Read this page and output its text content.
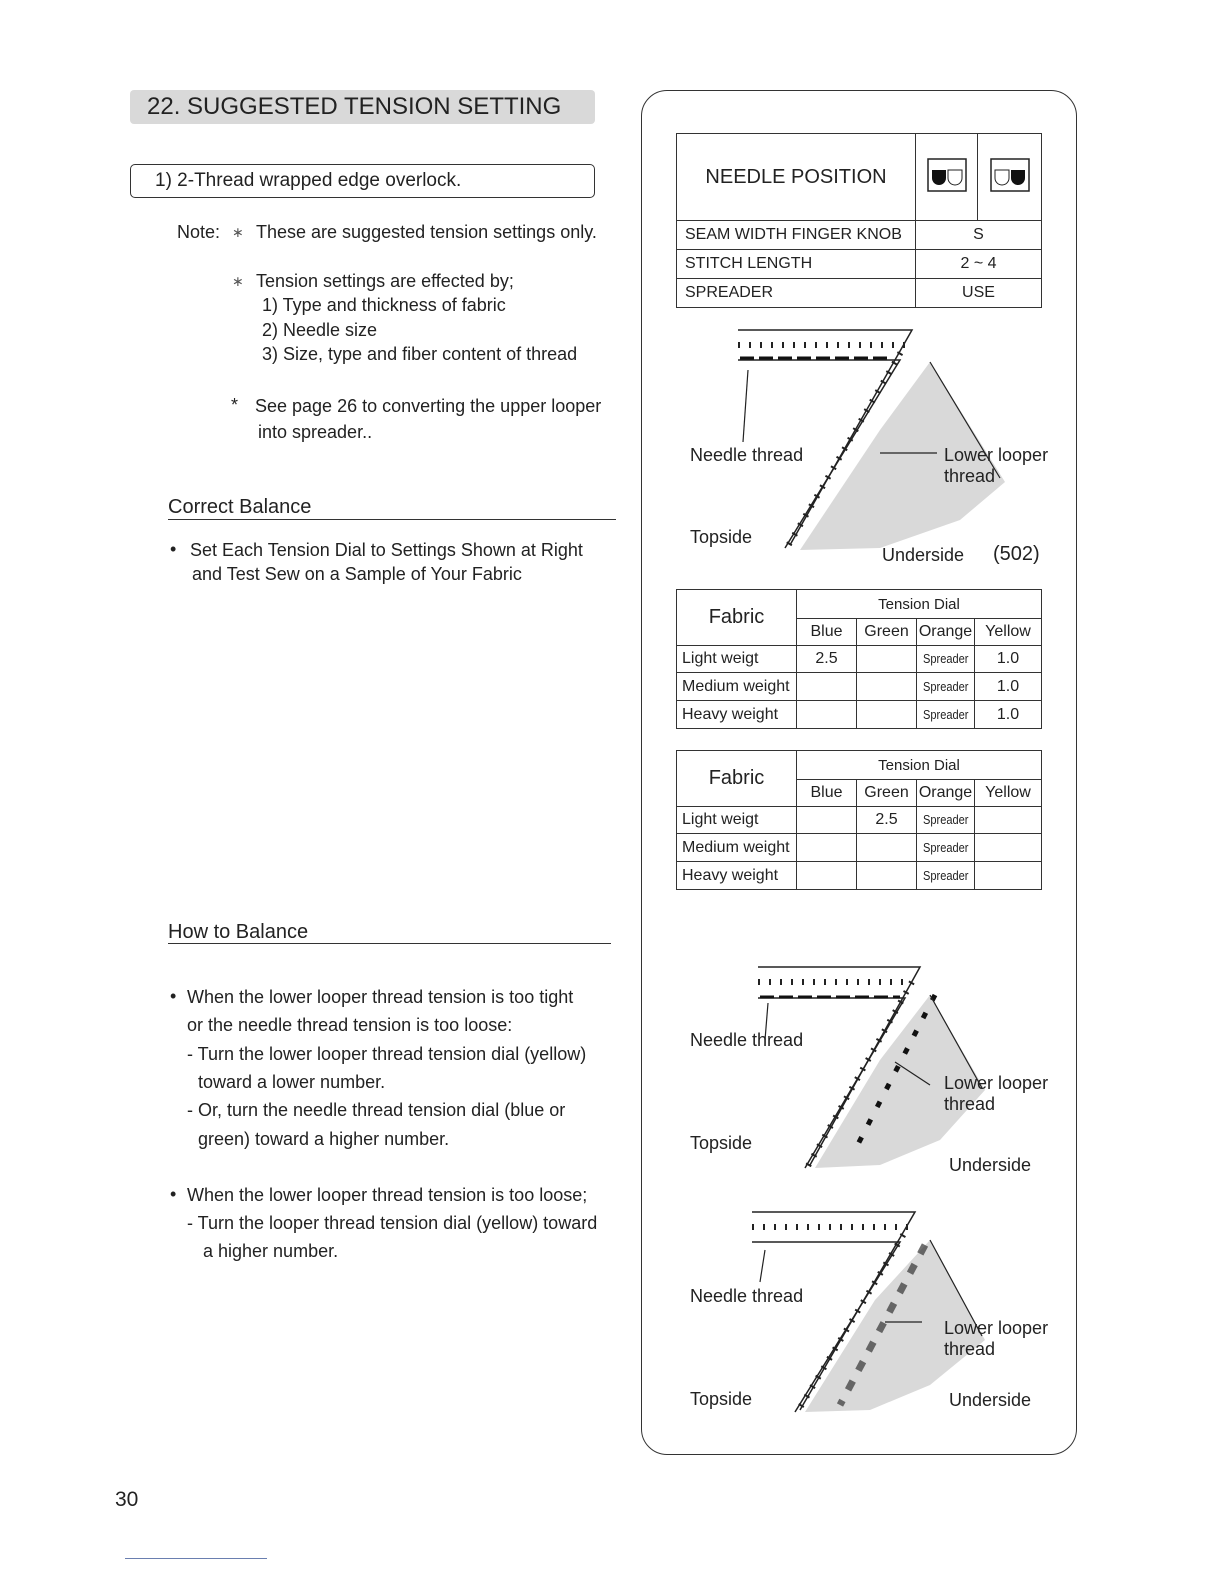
22. SUGGESTED TENSION SETTING
1) 2-Thread wrapped edge overlock.
Note: ∗ These are suggested tension settings only.
∗ Tension settings are effected by;
1) Type and thickness of fabric
2) Needle size
3) Size, type and fiber content of thread
* See page 26 to converting the upper looper
into spreader..
Correct Balance
• Set Each Tension Dial to Settings Shown at Right
and Test Sew on a Sample of Your Fabric
How to Balance
• When the lower looper thread tension is too tight
or the needle thread tension is too loose:
- Turn the lower looper thread tension dial (yellow)
toward a lower number.
- Or, turn the needle thread tension dial (blue or
green) toward a higher number.
• When the lower looper thread tension is too loose;
- Turn the looper thread tension dial (yellow) toward
a higher number.
30
NEEDLE POSITION		
SEAM WIDTH FINGER KNOB	S	
STITCH LENGTH	2 ~ 4	
SPREADER	USE	
Needle thread	Lower looper
thread
Topside
Underside (502)
Needle thread
Lower looper
thread
Topside
Underside
Needle thread
Lower looper
thread
Topside	Underside
Fabric	Tension Dial			
	Blue	Green	Orange	Yellow
Light weigt	2.5		Spreader	1.0
Medium weight			Spreader	1.0
Heavy weight			Spreader	1.0
Fabric	Tension Dial			
	Blue	Green	Orange	Yellow
Light weigt		2.5	Spreader	
Medium weight			Spreader	
Heavy weight			Spreader	
